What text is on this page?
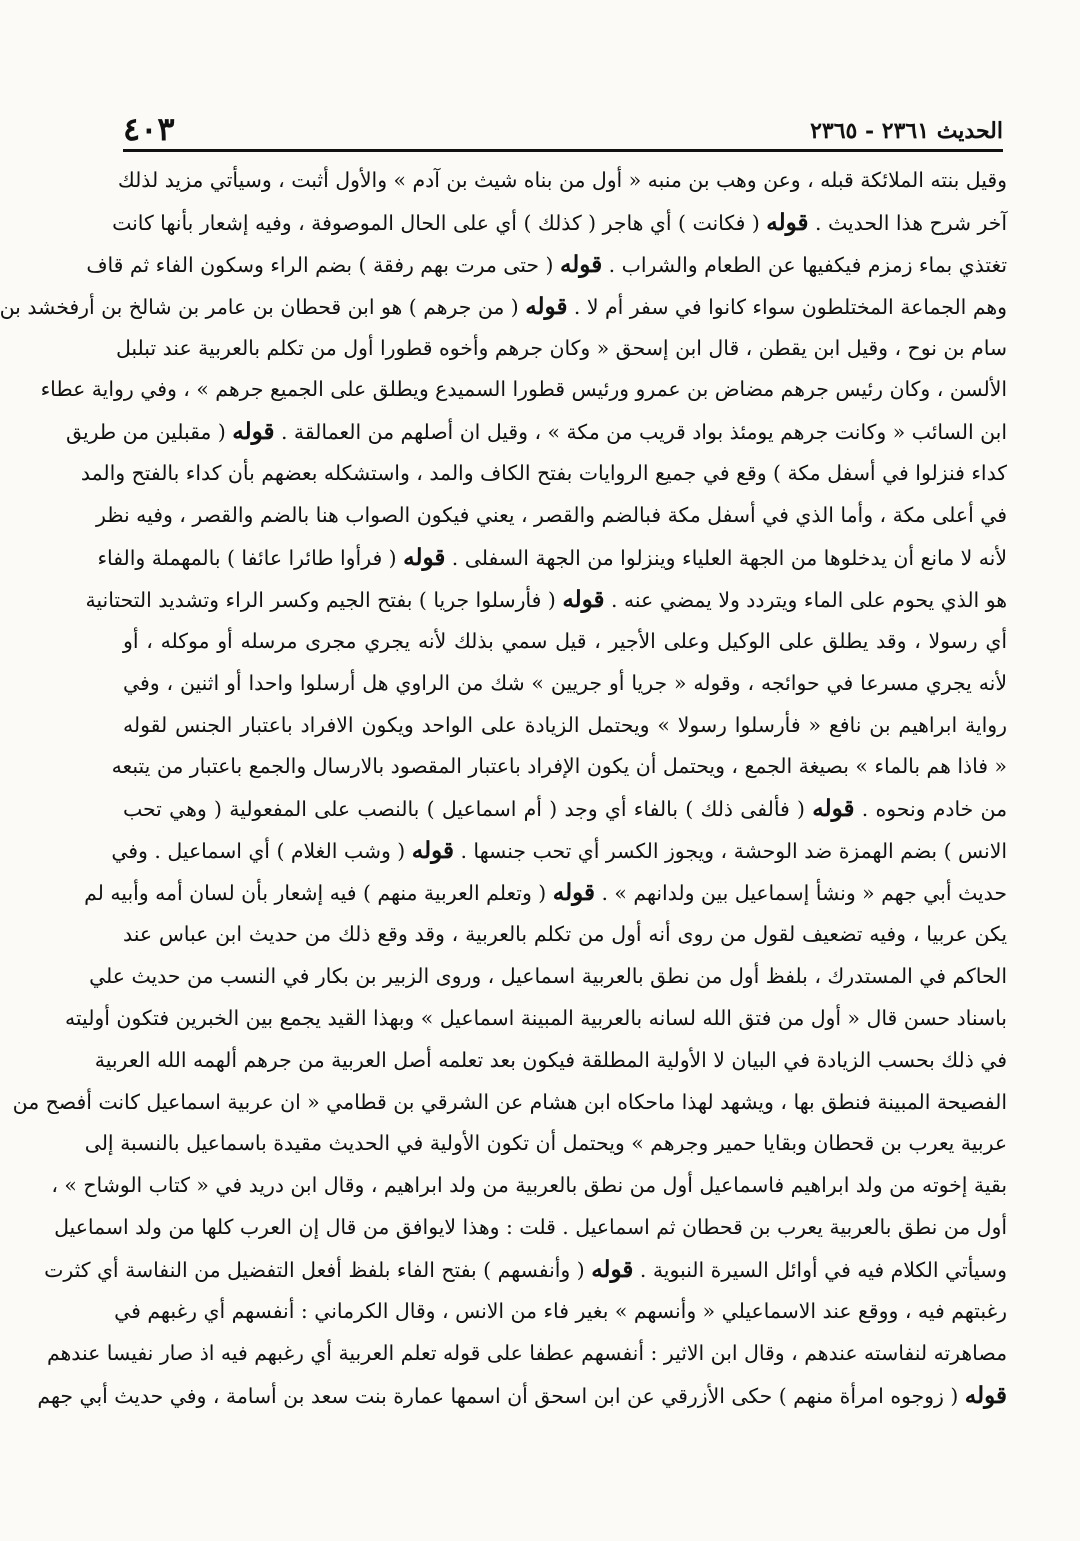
الحديث ٢٣٦١ - ٢٣٦٥
٤٠٣
وقيل بنته الملائكة قبله ، وعن وهب بن منبه « أول من بناه شيث بن آدم » والأول أثبت ، وسيأتي مزيد لذلك
آخر شرح هذا الحديث . قوله ( فكانت ) أي هاجر ( كذلك ) أي على الحال الموصوفة ، وفيه إشعار بأنها كانت
تغتذي بماء زمزم فيكفيها عن الطعام والشراب . قوله ( حتى مرت بهم رفقة ) بضم الراء وسكون الفاء ثم قاف
وهم الجماعة المختلطون سواء كانوا في سفر أم لا . قوله ( من جرهم ) هو ابن قحطان بن عامر بن شالخ بن أرفخشد بن
سام بن نوح ، وقيل ابن يقطن ، قال ابن إسحق « وكان جرهم وأخوه قطورا أول من تكلم بالعربية عند تبلبل
الألسن ، وكان رئيس جرهم مضاض بن عمرو ورئيس قطورا السميدع ويطلق على الجميع جرهم » ، وفي رواية عطاء
ابن السائب « وكانت جرهم يومئذ بواد قريب من مكة » ، وقيل ان أصلهم من العمالقة . قوله ( مقبلين من طريق
كداء فنزلوا في أسفل مكة ) وقع في جميع الروايات بفتح الكاف والمد ، واستشكله بعضهم بأن كداء بالفتح والمد
في أعلى مكة ، وأما الذي في أسفل مكة فبالضم والقصر ، يعني فيكون الصواب هنا بالضم والقصر ، وفيه نظر
لأنه لا مانع أن يدخلوها من الجهة العلياء وينزلوا من الجهة السفلى . قوله ( فرأوا طائرا عائفا ) بالمهملة والفاء
هو الذي يحوم على الماء ويتردد ولا يمضي عنه . قوله ( فأرسلوا جريا ) بفتح الجيم وكسر الراء وتشديد التحتانية
أي رسولا ، وقد يطلق على الوكيل وعلى الأجير ، قيل سمي بذلك لأنه يجري مجرى مرسله أو موكله ، أو
لأنه يجري مسرعا في حوائجه ، وقوله « جريا أو جريين » شك من الراوي هل أرسلوا واحدا أو اثنين ، وفي
رواية ابراهيم بن نافع « فأرسلوا رسولا » ويحتمل الزيادة على الواحد ويكون الافراد باعتبار الجنس لقوله
« فاذا هم بالماء » بصيغة الجمع ، ويحتمل أن يكون الإفراد باعتبار المقصود بالارسال والجمع باعتبار من يتبعه
من خادم ونحوه . قوله ( فألفى ذلك ) بالفاء أي وجد ( أم اسماعيل ) بالنصب على المفعولية ( وهي تحب
الانس ) بضم الهمزة ضد الوحشة ، ويجوز الكسر أي تحب جنسها . قوله ( وشب الغلام ) أي اسماعيل . وفي
حديث أبي جهم « ونشأ إسماعيل بين ولدانهم » . قوله ( وتعلم العربية منهم ) فيه إشعار بأن لسان أمه وأبيه لم
يكن عربيا ، وفيه تضعيف لقول من روى أنه أول من تكلم بالعربية ، وقد وقع ذلك من حديث ابن عباس عند
الحاكم في المستدرك ، بلفظ أول من نطق بالعربية اسماعيل ، وروى الزبير بن بكار في النسب من حديث علي
باسناد حسن قال « أول من فتق الله لسانه بالعربية المبينة اسماعيل » وبهذا القيد يجمع بين الخبرين فتكون أوليته
في ذلك بحسب الزيادة في البيان لا الأولية المطلقة فيكون بعد تعلمه أصل العربية من جرهم ألهمه الله العربية
الفصيحة المبينة فنطق بها ، ويشهد لهذا ماحكاه ابن هشام عن الشرقي بن قطامي « ان عربية اسماعيل كانت أفصح من
عربية يعرب بن قحطان وبقايا حمير وجرهم » ويحتمل أن تكون الأولية في الحديث مقيدة باسماعيل بالنسبة إلى
بقية إخوته من ولد ابراهيم فاسماعيل أول من نطق بالعربية من ولد ابراهيم ، وقال ابن دريد في « كتاب الوشاح » ،
أول من نطق بالعربية يعرب بن قحطان ثم اسماعيل . قلت : وهذا لايوافق من قال إن العرب كلها من ولد اسماعيل
وسيأتي الكلام فيه في أوائل السيرة النبوية . قوله ( وأنفسهم ) بفتح الفاء بلفظ أفعل التفضيل من النفاسة أي كثرت
رغبتهم فيه ، ووقع عند الاسماعيلي « وأنسهم » بغير فاء من الانس ، وقال الكرماني : أنفسهم أي رغبهم في
مصاهرته لنفاسته عندهم ، وقال ابن الاثير : أنفسهم عطفا على قوله تعلم العربية أي رغبهم فيه اذ صار نفيسا عندهم
قوله ( زوجوه امرأة منهم ) حكى الأزرقي عن ابن اسحق أن اسمها عمارة بنت سعد بن أسامة ، وفي حديث أبي جهم
